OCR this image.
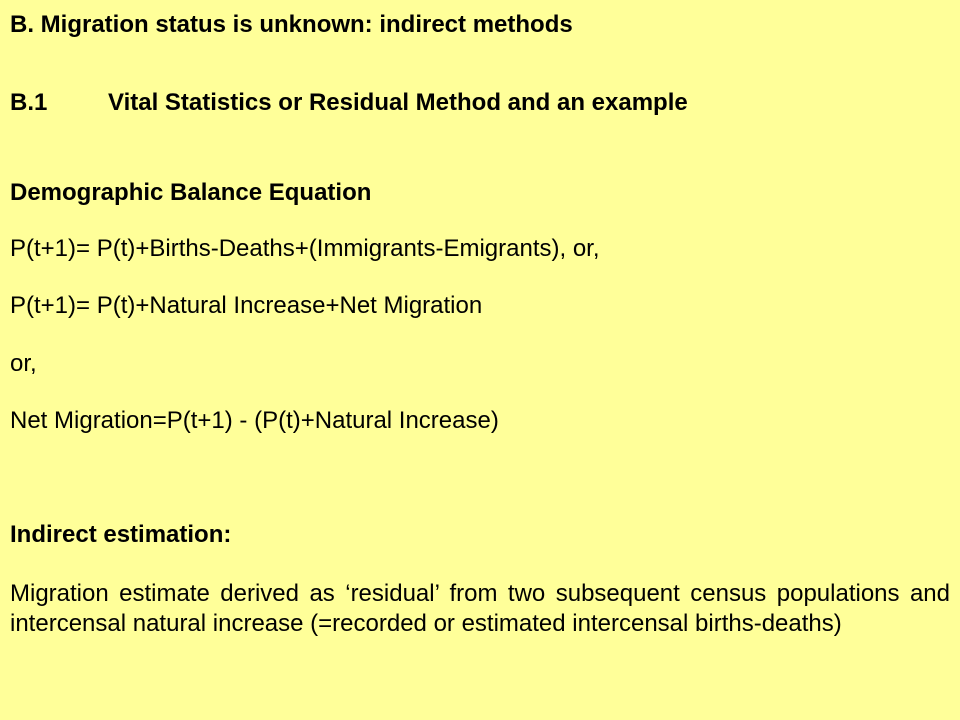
B. Migration status is unknown: indirect methods
B.1	Vital Statistics or Residual Method and an example
Demographic Balance Equation
P(t+1)= P(t)+Births-Deaths+(Immigrants-Emigrants), or,
P(t+1)= P(t)+Natural Increase+Net Migration
or,
Net Migration=P(t+1) - (P(t)+Natural Increase)
Indirect estimation:
Migration estimate derived as ‘residual’ from two subsequent census populations and intercensal natural increase (=recorded or estimated intercensal births-deaths)
